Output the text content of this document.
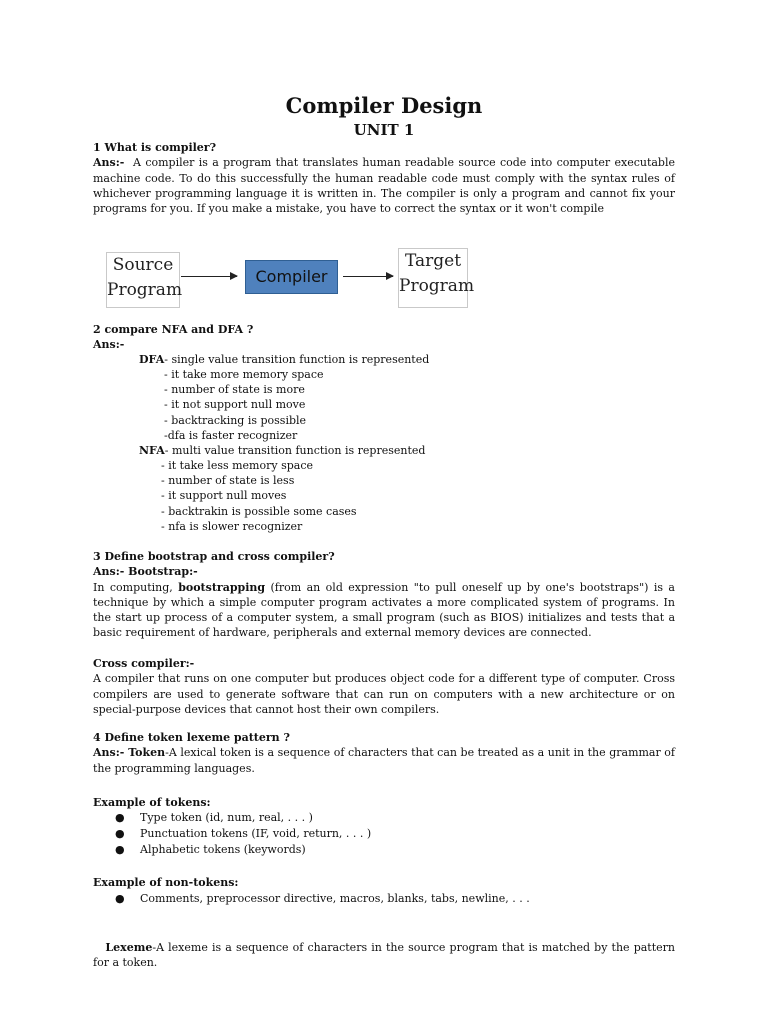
Compiler Design
UNIT 1

1 What is compiler?

Ans:- A compiler is a program that translates human readable source code into computer executable machine code. To do this successfully the human readable code must comply with the syntax rules of whichever programming language it is written in. The compiler is only a program and cannot fix your programs for you. If you make a mistake, you have to correct the syntax or it won't compile

Source
Program
Compiler
Target
Program

2 compare NFA and DFA ?

Ans:-

DFA- single value transition function is represented
- it take more memory space
- number of state is more
- it not support null move
- backtracking is possible
-dfa is faster recognizer
NFA- multi value transition function is represented
- it take less memory space
- number of state is less
- it support null moves
- backtrakin is possible some cases
- nfa is slower recognizer

3 Define bootstrap and cross compiler?

Ans:- Bootstrap:-

In computing, bootstrapping (from an old expression "to pull oneself up by one's bootstraps") is a technique by which a simple computer program activates a more complicated system of programs. In the start up process of a computer system, a small program (such as BIOS) initializes and tests that a basic requirement of hardware, peripherals and external memory devices are connected.

Cross compiler:-

A compiler that runs on one computer but produces object code for a different type of computer. Cross compilers are used to generate software that can run on computers with a new architecture or on special-purpose devices that cannot host their own compilers.

4 Define token lexeme pattern ?

Ans:- Token-A lexical token is a sequence of characters that can be treated as a unit in the grammar of the programming languages.

Example of tokens:

● Type token (id, num, real, . . . )
● Punctuation tokens (IF, void, return, . . . )
● Alphabetic tokens (keywords)

Example of non-tokens:

● Comments, preprocessor directive, macros, blanks, tabs, newline, . . .

Lexeme-A lexeme is a sequence of characters in the source program that is matched by the pattern for a token.
